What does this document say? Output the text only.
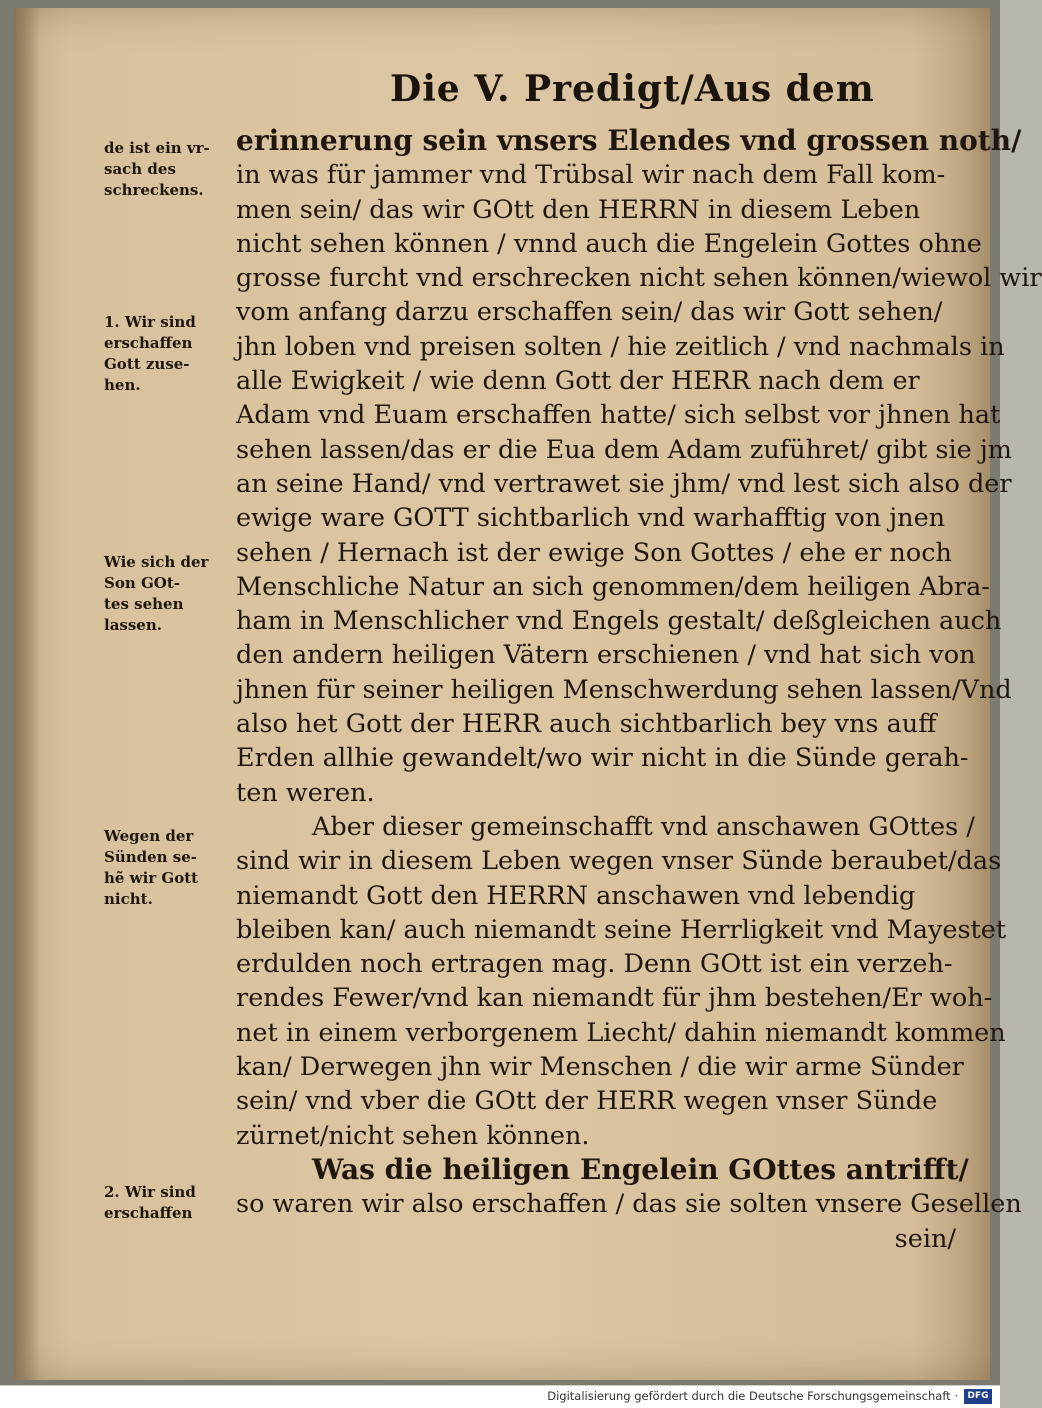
Die V. Predigt/Aus dem
de ist ein vr-
sach des
schreckens.
1. Wir sind
erschaffen
Gott zuse-
hen.
Wie sich der
Son GOt-
tes sehen
lassen.
Wegen der
Sünden se-
hẽ wir Gott
nicht.
2. Wir sind
erschaffen
erinnerung sein vnsers Elendes vnd grossen noth/
in was für jammer vnd Trübsal wir nach dem Fall kom-
men sein/ das wir GOtt den HERRN in diesem Leben
nicht sehen können / vnnd auch die Engelein Gottes ohne
grosse furcht vnd erschrecken nicht sehen können/wiewol wir
vom anfang darzu erschaffen sein/ das wir Gott sehen/
jhn loben vnd preisen solten / hie zeitlich / vnd nachmals in
alle Ewigkeit / wie denn Gott der HERR nach dem er
Adam vnd Euam erschaffen hatte/ sich selbst vor jhnen hat
sehen lassen/das er die Eua dem Adam zuführet/ gibt sie jm
an seine Hand/ vnd vertrawet sie jhm/ vnd lest sich also der
ewige ware GOTT sichtbarlich vnd warhafftig von jnen
sehen / Hernach ist der ewige Son Gottes / ehe er noch
Menschliche Natur an sich genommen/dem heiligen Abra-
ham in Menschlicher vnd Engels gestalt/ deßgleichen auch
den andern heiligen Vätern erschienen / vnd hat sich von
jhnen für seiner heiligen Menschwerdung sehen lassen/Vnd
also het Gott der HERR auch sichtbarlich bey vns auff
Erden allhie gewandelt/wo wir nicht in die Sünde gerah-
ten weren.
Aber dieser gemeinschafft vnd anschawen GOttes /
sind wir in diesem Leben wegen vnser Sünde beraubet/das
niemandt Gott den HERRN anschawen vnd lebendig
bleiben kan/ auch niemandt seine Herrligkeit vnd Mayestet
erdulden noch ertragen mag. Denn GOtt ist ein verzeh-
rendes Fewer/vnd kan niemandt für jhm bestehen/Er woh-
net in einem verborgenem Liecht/ dahin niemandt kommen
kan/ Derwegen jhn wir Menschen / die wir arme Sünder
sein/ vnd vber die GOtt der HERR wegen vnser Sünde
zürnet/nicht sehen können.
Was die heiligen Engelein GOttes antrifft/
so waren wir also erschaffen / das sie solten vnsere Gesellen
sein/
Digitalisierung gefördert durch die Deutsche Forschungsgemeinschaft ·	DFG
